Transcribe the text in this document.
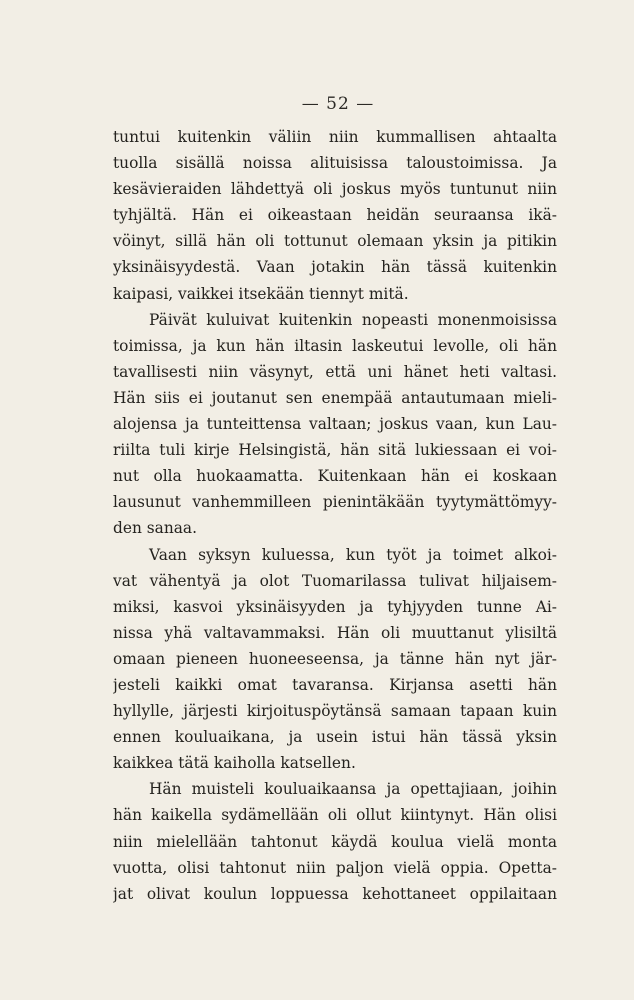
— 52 —
tuntui kuitenkin väliin niin kummallisen ahtaalta
tuolla sisällä noissa alituisissa taloustoimissa. Ja
kesävieraiden lähdettyä oli joskus myös tuntunut niin
tyhjältä. Hän ei oikeastaan heidän seuraansa ikä-
vöinyt, sillä hän oli tottunut olemaan yksin ja pitikin
yksinäisyydestä. Vaan jotakin hän tässä kuitenkin
kaipasi, vaikkei itsekään tiennyt mitä.
Päivät kuluivat kuitenkin nopeasti monenmoisissa
toimissa, ja kun hän iltasin laskeutui levolle, oli hän
tavallisesti niin väsynyt, että uni hänet heti valtasi.
Hän siis ei joutanut sen enempää antautumaan mieli-
alojensa ja tunteittensa valtaan; joskus vaan, kun Lau-
riilta tuli kirje Helsingistä, hän sitä lukiessaan ei voi-
nut olla huokaamatta. Kuitenkaan hän ei koskaan
lausunut vanhemmilleen pienintäkään tyytymättömyy-
den sanaa.
Vaan syksyn kuluessa, kun työt ja toimet alkoi-
vat vähentyä ja olot Tuomarilassa tulivat hiljaisem-
miksi, kasvoi yksinäisyyden ja tyhjyyden tunne Ai-
nissa yhä valtavammaksi. Hän oli muuttanut ylisiltä
omaan pieneen huoneeseensa, ja tänne hän nyt jär-
jesteli kaikki omat tavaransa. Kirjansa asetti hän
hyllylle, järjesti kirjoituspöytänsä samaan tapaan kuin
ennen kouluaikana, ja usein istui hän tässä yksin
kaikkea tätä kaiholla katsellen.
Hän muisteli kouluaikaansa ja opettajiaan, joihin
hän kaikella sydämellään oli ollut kiintynyt. Hän olisi
niin mielellään tahtonut käydä koulua vielä monta
vuotta, olisi tahtonut niin paljon vielä oppia. Opetta-
jat olivat koulun loppuessa kehottaneet oppilaitaan
